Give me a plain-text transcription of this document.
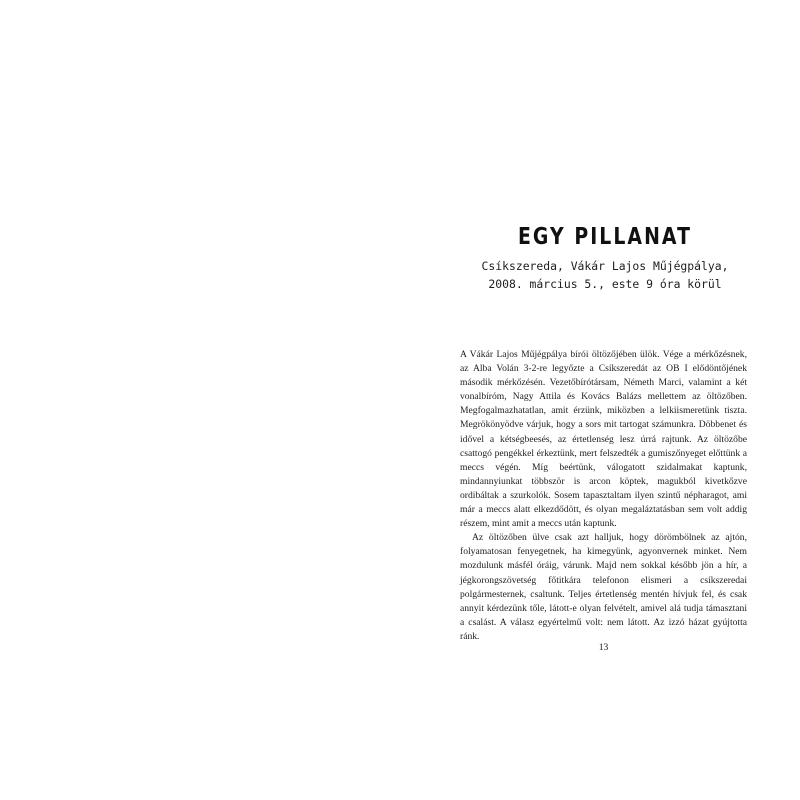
EGY PILLANAT
Csíkszereda, Vákár Lajos Műjégpálya,
2008. március 5., este 9 óra körül

A Vákár Lajos Műjégpálya bírói öltözőjében ülök. Vége a mérkőzésnek, az Alba Volán 3-2-re legyőzte a Csíkszeredát az OB I elődöntőjének második mérkőzésén. Vezetőbírótársam, Németh Marci, valamint a két vonalbíróm, Nagy Attila és Kovács Balázs mellettem az öltözőben. Megfogalmazhatatlan, amit érzünk, miközben a lelkiismeretünk tiszta. Megrökönyödve várjuk, hogy a sors mit tartogat számunkra. Döbbenet és idővel a kétségbeesés, az értetlenség lesz úrrá rajtunk. Az öltözőbe csattogó pengékkel érkeztünk, mert felszedték a gumiszőnyeget előttünk a meccs végén. Míg beértünk, válogatott szidalmakat kaptunk, mindannyiunkat többször is arcon köptek, magukból kivetkőzve ordibáltak a szurkolók. Sosem tapasztaltam ilyen szintű népharagot, ami már a meccs alatt elkezdődött, és olyan megaláztatásban sem volt addig részem, mint amit a meccs után kaptunk.

Az öltözőben ülve csak azt halljuk, hogy dörömbölnek az ajtón, folyamatosan fenyegetnek, ha kimegyünk, agyonvernek minket. Nem mozdulunk másfél óráig, várunk. Majd nem sokkal később jön a hír, a jégkorongszövetség főtitkára telefonon elismeri a csíkszeredai polgármesternek, csaltunk. Teljes értetlenség mentén hívjuk fel, és csak annyit kérdezünk tőle, látott-e olyan felvételt, amivel alá tudja támasztani a csalást. A válasz egyértelmű volt: nem látott. Az izzó házat gyújtotta ránk.

13
